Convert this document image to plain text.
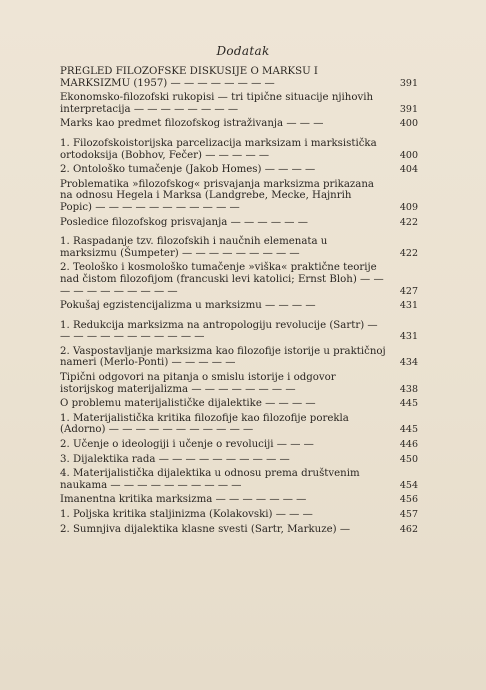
Dodatak
PREGLED FILOZOFSKE DISKUSIJE O MARKSU I MARKSIZMU (1957) — — — — — — — —	391
Ekonomsko-filozofski rukopisi — tri tipične situacije njihovih interpretacija — — — — — — — —	391
Marks kao predmet filozofskog istraživanja — — —	400
1. Filozofskoistorijska parcelizacija marksizam i marksistička ortodoksija (Bobhov, Fečer) — — — — —	400
2. Ontološko tumačenje (Jakob Homes) — — — —	404
Problematika »filozofskog« prisvajanja marksizma prikazana na odnosu Hegela i Marksa (Landgrebe, Mecke, Hajnrih Popic) — — — — — — — — — — —	409
Posledice filozofskog prisvajanja — — — — — —	422
1. Raspadanje tzv. filozofskih i naučnih elemenata u marksizmu (Šumpeter) — — — — — — — — —	422
2. Teološko i kosmološko tumačenje »viška« praktične teorije nad čistom filozofijom (francuski levi katolici; Ernst Bloh) — — — — — — — — — — —	427
Pokušaj egzistencijalizma u marksizmu — — — —	431
1. Redukcija marksizma na antropologiju revolucije (Sartr) — — — — — — — — — — — —	431
2. Vaspostavljanje marksizma kao filozofije istorije u praktičnoj nameri (Merlo-Ponti) — — — — —	434
Tipični odgovori na pitanja o smislu istorije i odgovor istorijskog materijalizma — — — — — — — —	438
O problemu materijalističke dijalektike — — — —	445
1. Materijalistička kritika filozofije kao filozofije porekla (Adorno) — — — — — — — — — — —	445
2. Učenje o ideologiji i učenje o revoluciji — — —	446
3. Dijalektika rada — — — — — — — — — —	450
4. Materijalistička dijalektika u odnosu prema društvenim naukama — — — — — — — — — —	454
Imanentna kritika marksizma — — — — — — —	456
1. Poljska kritika staljinizma (Kolakovski) — — —	457
2. Sumnjiva dijalektika klasne svesti (Sartr, Markuze) —	462
